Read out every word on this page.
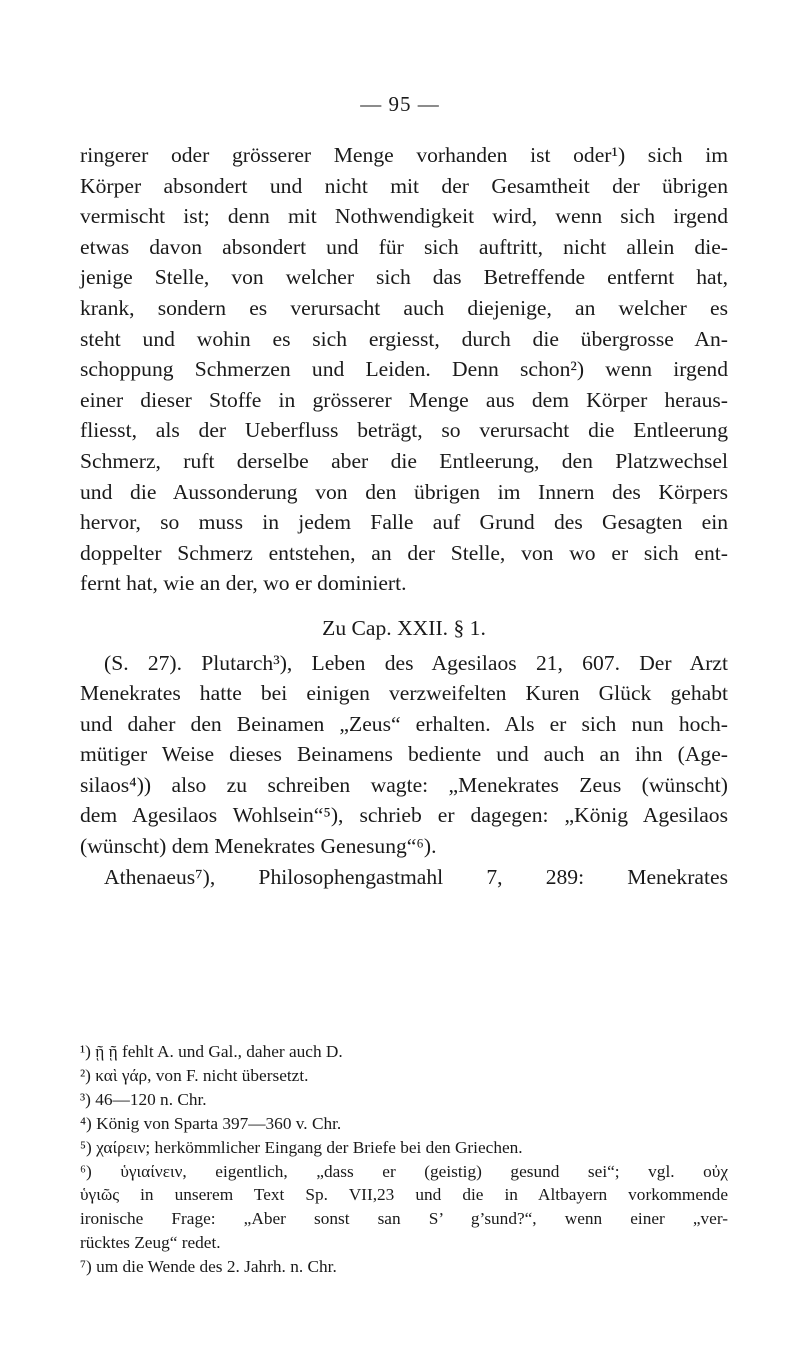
— 95 —
ringerer oder grösserer Menge vorhanden ist oder¹) sich im
Körper absondert und nicht mit der Gesamtheit der übrigen
vermischt ist; denn mit Nothwendigkeit wird, wenn sich irgend
etwas davon absondert und für sich auftritt, nicht allein die-
jenige Stelle, von welcher sich das Betreffende entfernt hat,
krank, sondern es verursacht auch diejenige, an welcher es
steht und wohin es sich ergiesst, durch die übergrosse An-
schoppung Schmerzen und Leiden. Denn schon²) wenn irgend
einer dieser Stoffe in grösserer Menge aus dem Körper heraus-
fliesst, als der Ueberfluss beträgt, so verursacht die Entleerung
Schmerz, ruft derselbe aber die Entleerung, den Platzwechsel
und die Aussonderung von den übrigen im Innern des Körpers
hervor, so muss in jedem Falle auf Grund des Gesagten ein
doppelter Schmerz entstehen, an der Stelle, von wo er sich ent-
fernt hat, wie an der, wo er dominiert.
Zu Cap. XXII. § 1.
(S. 27). Plutarch³), Leben des Agesilaos 21, 607. Der Arzt
Menekrates hatte bei einigen verzweifelten Kuren Glück gehabt
und daher den Beinamen „Zeus“ erhalten. Als er sich nun hoch-
mütiger Weise dieses Beinamens bediente und auch an ihn (Age-
silaos⁴)) also zu schreiben wagte: „Menekrates Zeus (wünscht)
dem Agesilaos Wohlsein“⁵), schrieb er dagegen: „König Agesilaos
(wünscht) dem Menekrates Genesung“⁶).
Athenaeus⁷), Philosophengastmahl 7, 289: Menekrates
¹) ῇ ῇ fehlt A. und Gal., daher auch D.
²) καὶ γάρ, von F. nicht übersetzt.
³) 46—120 n. Chr.
⁴) König von Sparta 397—360 v. Chr.
⁵) χαίρειν; herkömmlicher Eingang der Briefe bei den Griechen.
⁶) ὑγιαίνειν, eigentlich, „dass er (geistig) gesund sei“; vgl. οὐχ
ὑγιῶς in unserem Text Sp. VII,23 und die in Altbayern vorkommende
ironische Frage: „Aber sonst san S’ g’sund?“, wenn einer „ver-
rücktes Zeug“ redet.
⁷) um die Wende des 2. Jahrh. n. Chr.
